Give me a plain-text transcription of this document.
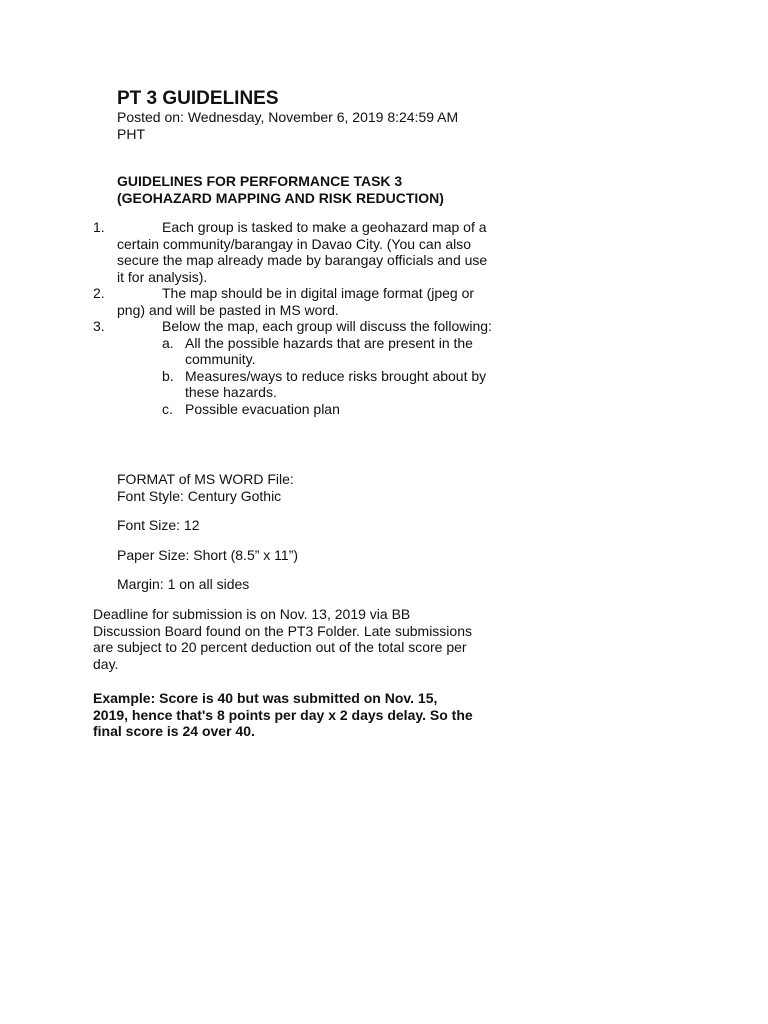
PT 3 GUIDELINES
Posted on: Wednesday, November 6, 2019 8:24:59 AM PHT
GUIDELINES FOR PERFORMANCE TASK 3 (GEOHAZARD MAPPING AND RISK REDUCTION)
1.	Each group is tasked to make a geohazard map of a certain community/barangay in Davao City. (You can also secure the map already made by barangay officials and use it for analysis).
2.	The map should be in digital image format (jpeg or png) and will be pasted in MS word.
3.	Below the map, each group will discuss the following:
a. All the possible hazards that are present in the community.
b. Measures/ways to reduce risks brought about by these hazards.
c. Possible evacuation plan

FORMAT of MS WORD File:

Font Style: Century Gothic

Font Size: 12

Paper Size: Short (8.5” x 11”)

Margin: 1 on all sides

Deadline for submission is on Nov. 13, 2019 via BB Discussion Board found on the PT3 Folder. Late submissions are subject to 20 percent deduction out of the total score per day.

Example: Score is 40 but was submitted on Nov. 15, 2019, hence that's 8 points per day x 2 days delay. So the final score is 24 over 40.
